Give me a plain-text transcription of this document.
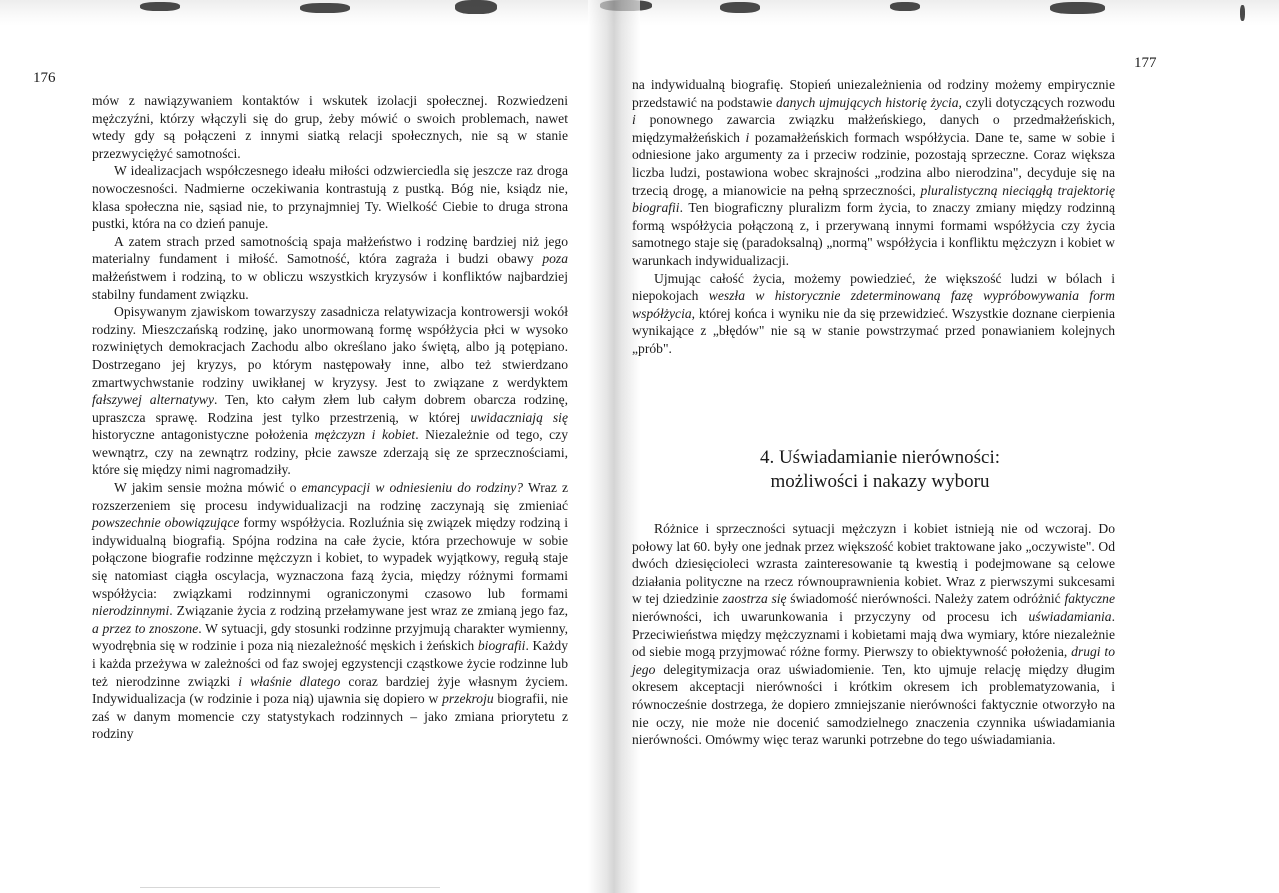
176
177

mów z nawiązywaniem kontaktów i wskutek izolacji społecznej. Rozwiedzeni mężczyźni, którzy włączyli się do grup, żeby mówić o swoich problemach, nawet wtedy gdy są połączeni z innymi siatką relacji społecznych, nie są w stanie przezwyciężyć samotności.

W idealizacjach współczesnego ideału miłości odzwierciedla się jeszcze raz droga nowoczesności. Nadmierne oczekiwania kontrastują z pustką. Bóg nie, ksiądz nie, klasa społeczna nie, sąsiad nie, to przynajmniej Ty. Wielkość Ciebie to druga strona pustki, która na co dzień panuje.

A zatem strach przed samotnością spaja małżeństwo i rodzinę bardziej niż jego materialny fundament i miłość. Samotność, która zagraża i budzi obawy poza małżeństwem i rodziną, to w obliczu wszystkich kryzysów i konfliktów najbardziej stabilny fundament związku.

Opisywanym zjawiskom towarzyszy zasadnicza relatywizacja kontrowersji wokół rodziny. Mieszczańską rodzinę, jako unormowaną formę współżycia płci w wysoko rozwiniętych demokracjach Zachodu albo określano jako świętą, albo ją potępiano. Dostrzegano jej kryzys, po którym następowały inne, albo też stwierdzano zmartwychwstanie rodziny uwikłanej w kryzysy. Jest to związane z werdyktem fałszywej alternatywy. Ten, kto całym złem lub całym dobrem obarcza rodzinę, upraszcza sprawę. Rodzina jest tylko przestrzenią, w której uwidaczniają się historyczne antagonistyczne położenia mężczyzn i kobiet. Niezależnie od tego, czy wewnątrz, czy na zewnątrz rodziny, płcie zawsze zderzają się ze sprzecznościami, które się między nimi nagromadziły.

W jakim sensie można mówić o emancypacji w odniesieniu do rodziny? Wraz z rozszerzeniem się procesu indywidualizacji na rodzinę zaczynają się zmieniać powszechnie obowiązujące formy współżycia. Rozluźnia się związek między rodziną i indywidualną biografią. Spójna rodzina na całe życie, która przechowuje w sobie połączone biografie rodzinne mężczyzn i kobiet, to wypadek wyjątkowy, regułą staje się natomiast ciągła oscylacja, wyznaczona fazą życia, między różnymi formami współżycia: związkami rodzinnymi ograniczonymi czasowo lub formami nierodzinnymi. Związanie życia z rodziną przełamywane jest wraz ze zmianą jego faz, a przez to znoszone. W sytuacji, gdy stosunki rodzinne przyjmują charakter wymienny, wyodrębnia się w rodzinie i poza nią niezależność męskich i żeńskich biografii. Każdy i każda przeżywa w zależności od faz swojej egzystencji cząstkowe życie rodzinne lub też nierodzinne związki i właśnie dlatego coraz bardziej żyje własnym życiem. Indywidualizacja (w rodzinie i poza nią) ujawnia się dopiero w przekroju biografii, nie zaś w danym momencie czy statystykach rodzinnych – jako zmiana priorytetu z rodziny

na indywidualną biografię. Stopień uniezależnienia od rodziny możemy empirycznie przedstawić na podstawie danych ujmujących historię życia, czyli dotyczących rozwodu i ponownego zawarcia związku małżeńskiego, danych o przedmałżeńskich, międzymałżeńskich i pozamałżeńskich formach współżycia. Dane te, same w sobie i odniesione jako argumenty za i przeciw rodzinie, pozostają sprzeczne. Coraz większa liczba ludzi, postawiona wobec skrajności „rodzina albo nierodzina", decyduje się na trzecią drogę, a mianowicie na pełną sprzeczności, pluralistyczną nieciągłą trajektorię biografii. Ten biograficzny pluralizm form życia, to znaczy zmiany między rodzinną formą współżycia połączoną z, i przerywaną innymi formami współżycia czy życia samotnego staje się (paradoksalną) „normą" współżycia i konfliktu mężczyzn i kobiet w warunkach indywidualizacji.

Ujmując całość życia, możemy powiedzieć, że większość ludzi w bólach i niepokojach weszła w historycznie zdeterminowaną fazę wypróbowywania form współżycia, której końca i wyniku nie da się przewidzieć. Wszystkie doznane cierpienia wynikające z „błędów" nie są w stanie powstrzymać przed ponawianiem kolejnych „prób".

4. Uświadamianie nierówności:
możliwości i nakazy wyboru

Różnice i sprzeczności sytuacji mężczyzn i kobiet istnieją nie od wczoraj. Do połowy lat 60. były one jednak przez większość kobiet traktowane jako „oczywiste". Od dwóch dziesięcioleci wzrasta zainteresowanie tą kwestią i podejmowane są celowe działania polityczne na rzecz równouprawnienia kobiet. Wraz z pierwszymi sukcesami w tej dziedzinie zaostrza się świadomość nierówności. Należy zatem odróżnić faktyczne nierówności, ich uwarunkowania i przyczyny od procesu ich uświadamiania. Przeciwieństwa między mężczyznami i kobietami mają dwa wymiary, które niezależnie od siebie mogą przyjmować różne formy. Pierwszy to obiektywność położenia, drugi to jego delegitymizacja oraz uświadomienie. Ten, kto ujmuje relację między długim okresem akceptacji nierówności i krótkim okresem ich problematyzowania, i równocześnie dostrzega, że dopiero zmniejszanie nierówności faktycznie otworzyło na nie oczy, nie może nie docenić samodzielnego znaczenia czynnika uświadamiania nierówności. Omówmy więc teraz warunki potrzebne do tego uświadamiania.
